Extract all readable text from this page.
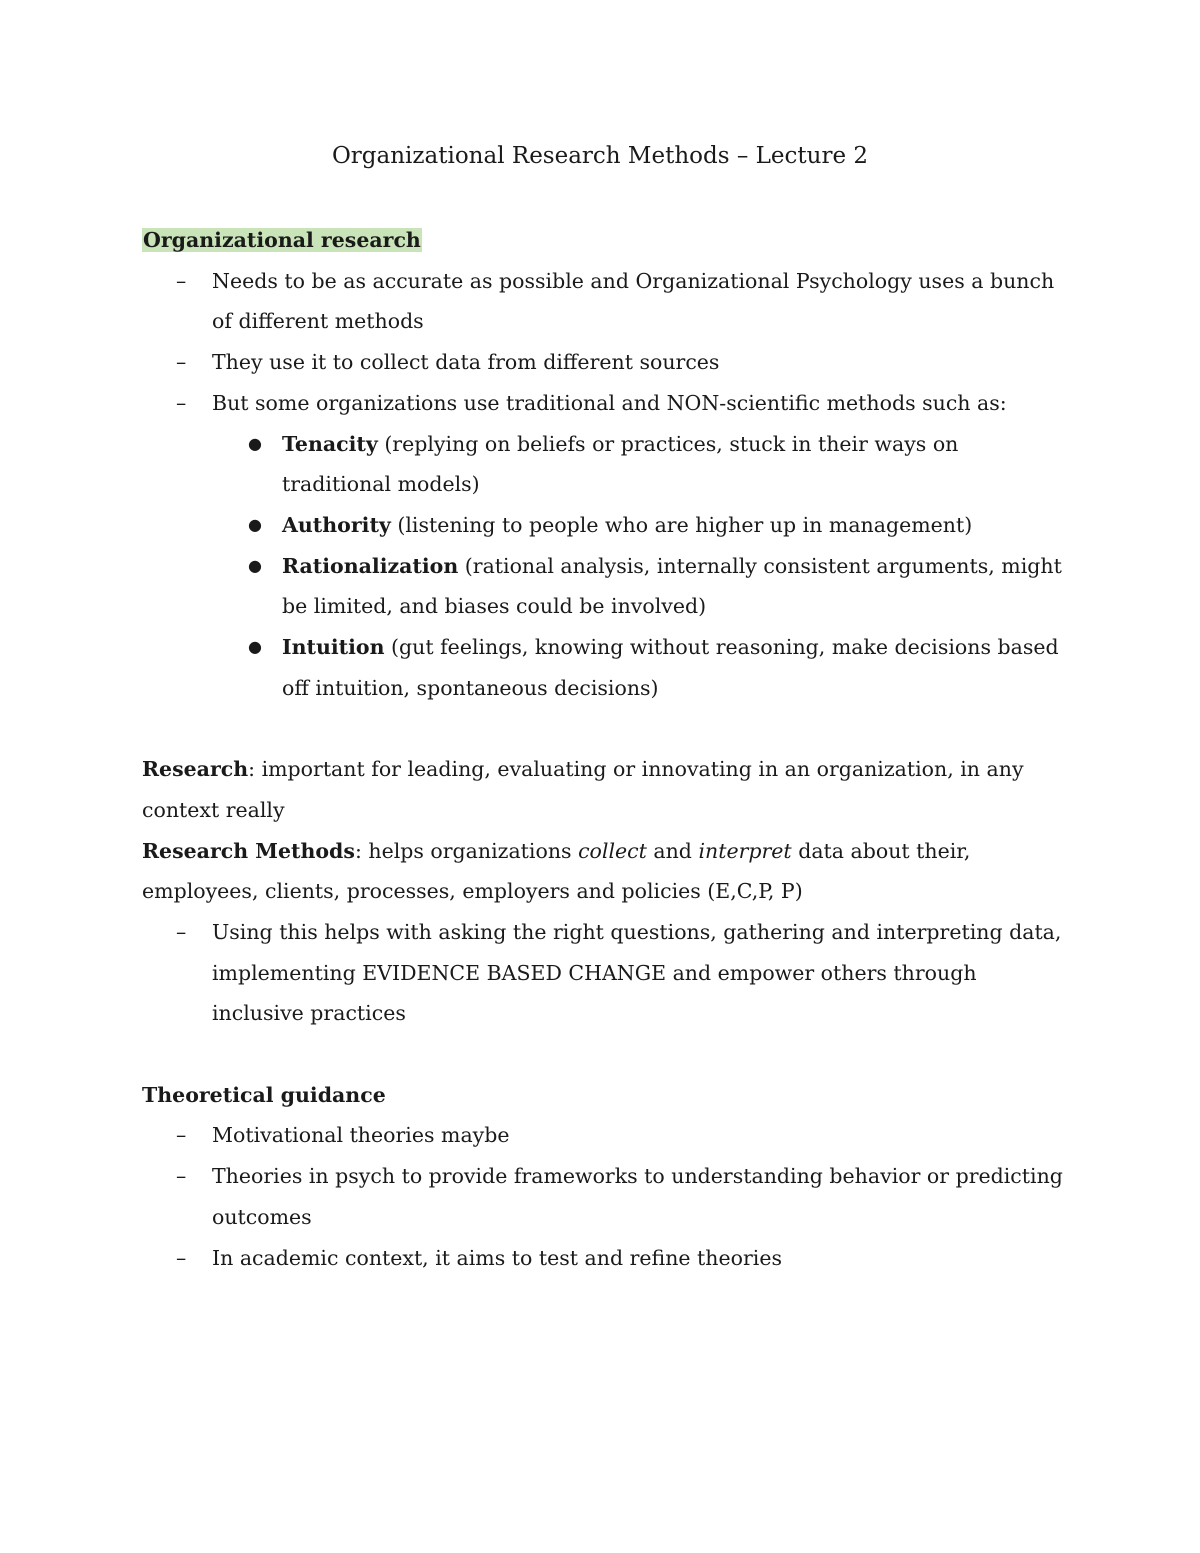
Organizational Research Methods – Lecture 2

Organizational research

– Needs to be as accurate as possible and Organizational Psychology uses a bunch of different methods
– They use it to collect data from different sources
– But some organizations use traditional and NON-scientific methods such as:
● Tenacity (replying on beliefs or practices, stuck in their ways on traditional models)
● Authority (listening to people who are higher up in management)
● Rationalization (rational analysis, internally consistent arguments, might be limited, and biases could be involved)
● Intuition (gut feelings, knowing without reasoning, make decisions based off intuition, spontaneous decisions)

Research: important for leading, evaluating or innovating in an organization, in any context really

Research Methods: helps organizations collect and interpret data about their, employees, clients, processes, employers and policies (E,C,P, P)

– Using this helps with asking the right questions, gathering and interpreting data, implementing EVIDENCE BASED CHANGE and empower others through inclusive practices

Theoretical guidance

– Motivational theories maybe
– Theories in psych to provide frameworks to understanding behavior or predicting outcomes
– In academic context, it aims to test and refine theories
